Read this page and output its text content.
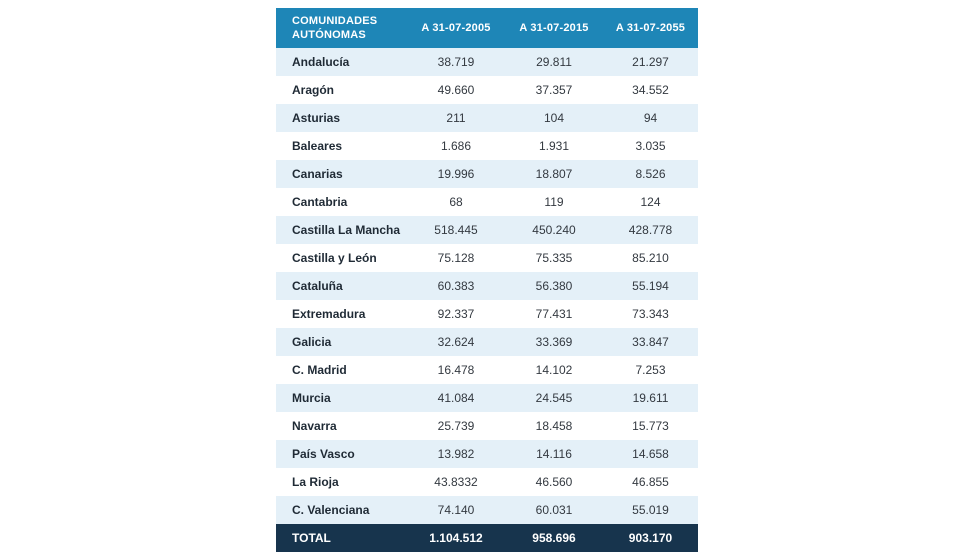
COMUNIDADES
AUTÓNOMAS	A 31-07-2005	A 31-07-2015	A 31-07-2055
Andalucía	38.719	29.811	21.297
Aragón	49.660	37.357	34.552
Asturias	211	104	94
Baleares	1.686	1.931	3.035
Canarias	19.996	18.807	8.526
Cantabria	68	119	124
Castilla La Mancha	518.445	450.240	428.778
Castilla y León	75.128	75.335	85.210
Cataluña	60.383	56.380	55.194
Extremadura	92.337	77.431	73.343
Galicia	32.624	33.369	33.847
C. Madrid	16.478	14.102	7.253
Murcia	41.084	24.545	19.611
Navarra	25.739	18.458	15.773
País Vasco	13.982	14.116	14.658
La Rioja	43.8332	46.560	46.855
C. Valenciana	74.140	60.031	55.019
TOTAL	1.104.512	958.696	903.170
